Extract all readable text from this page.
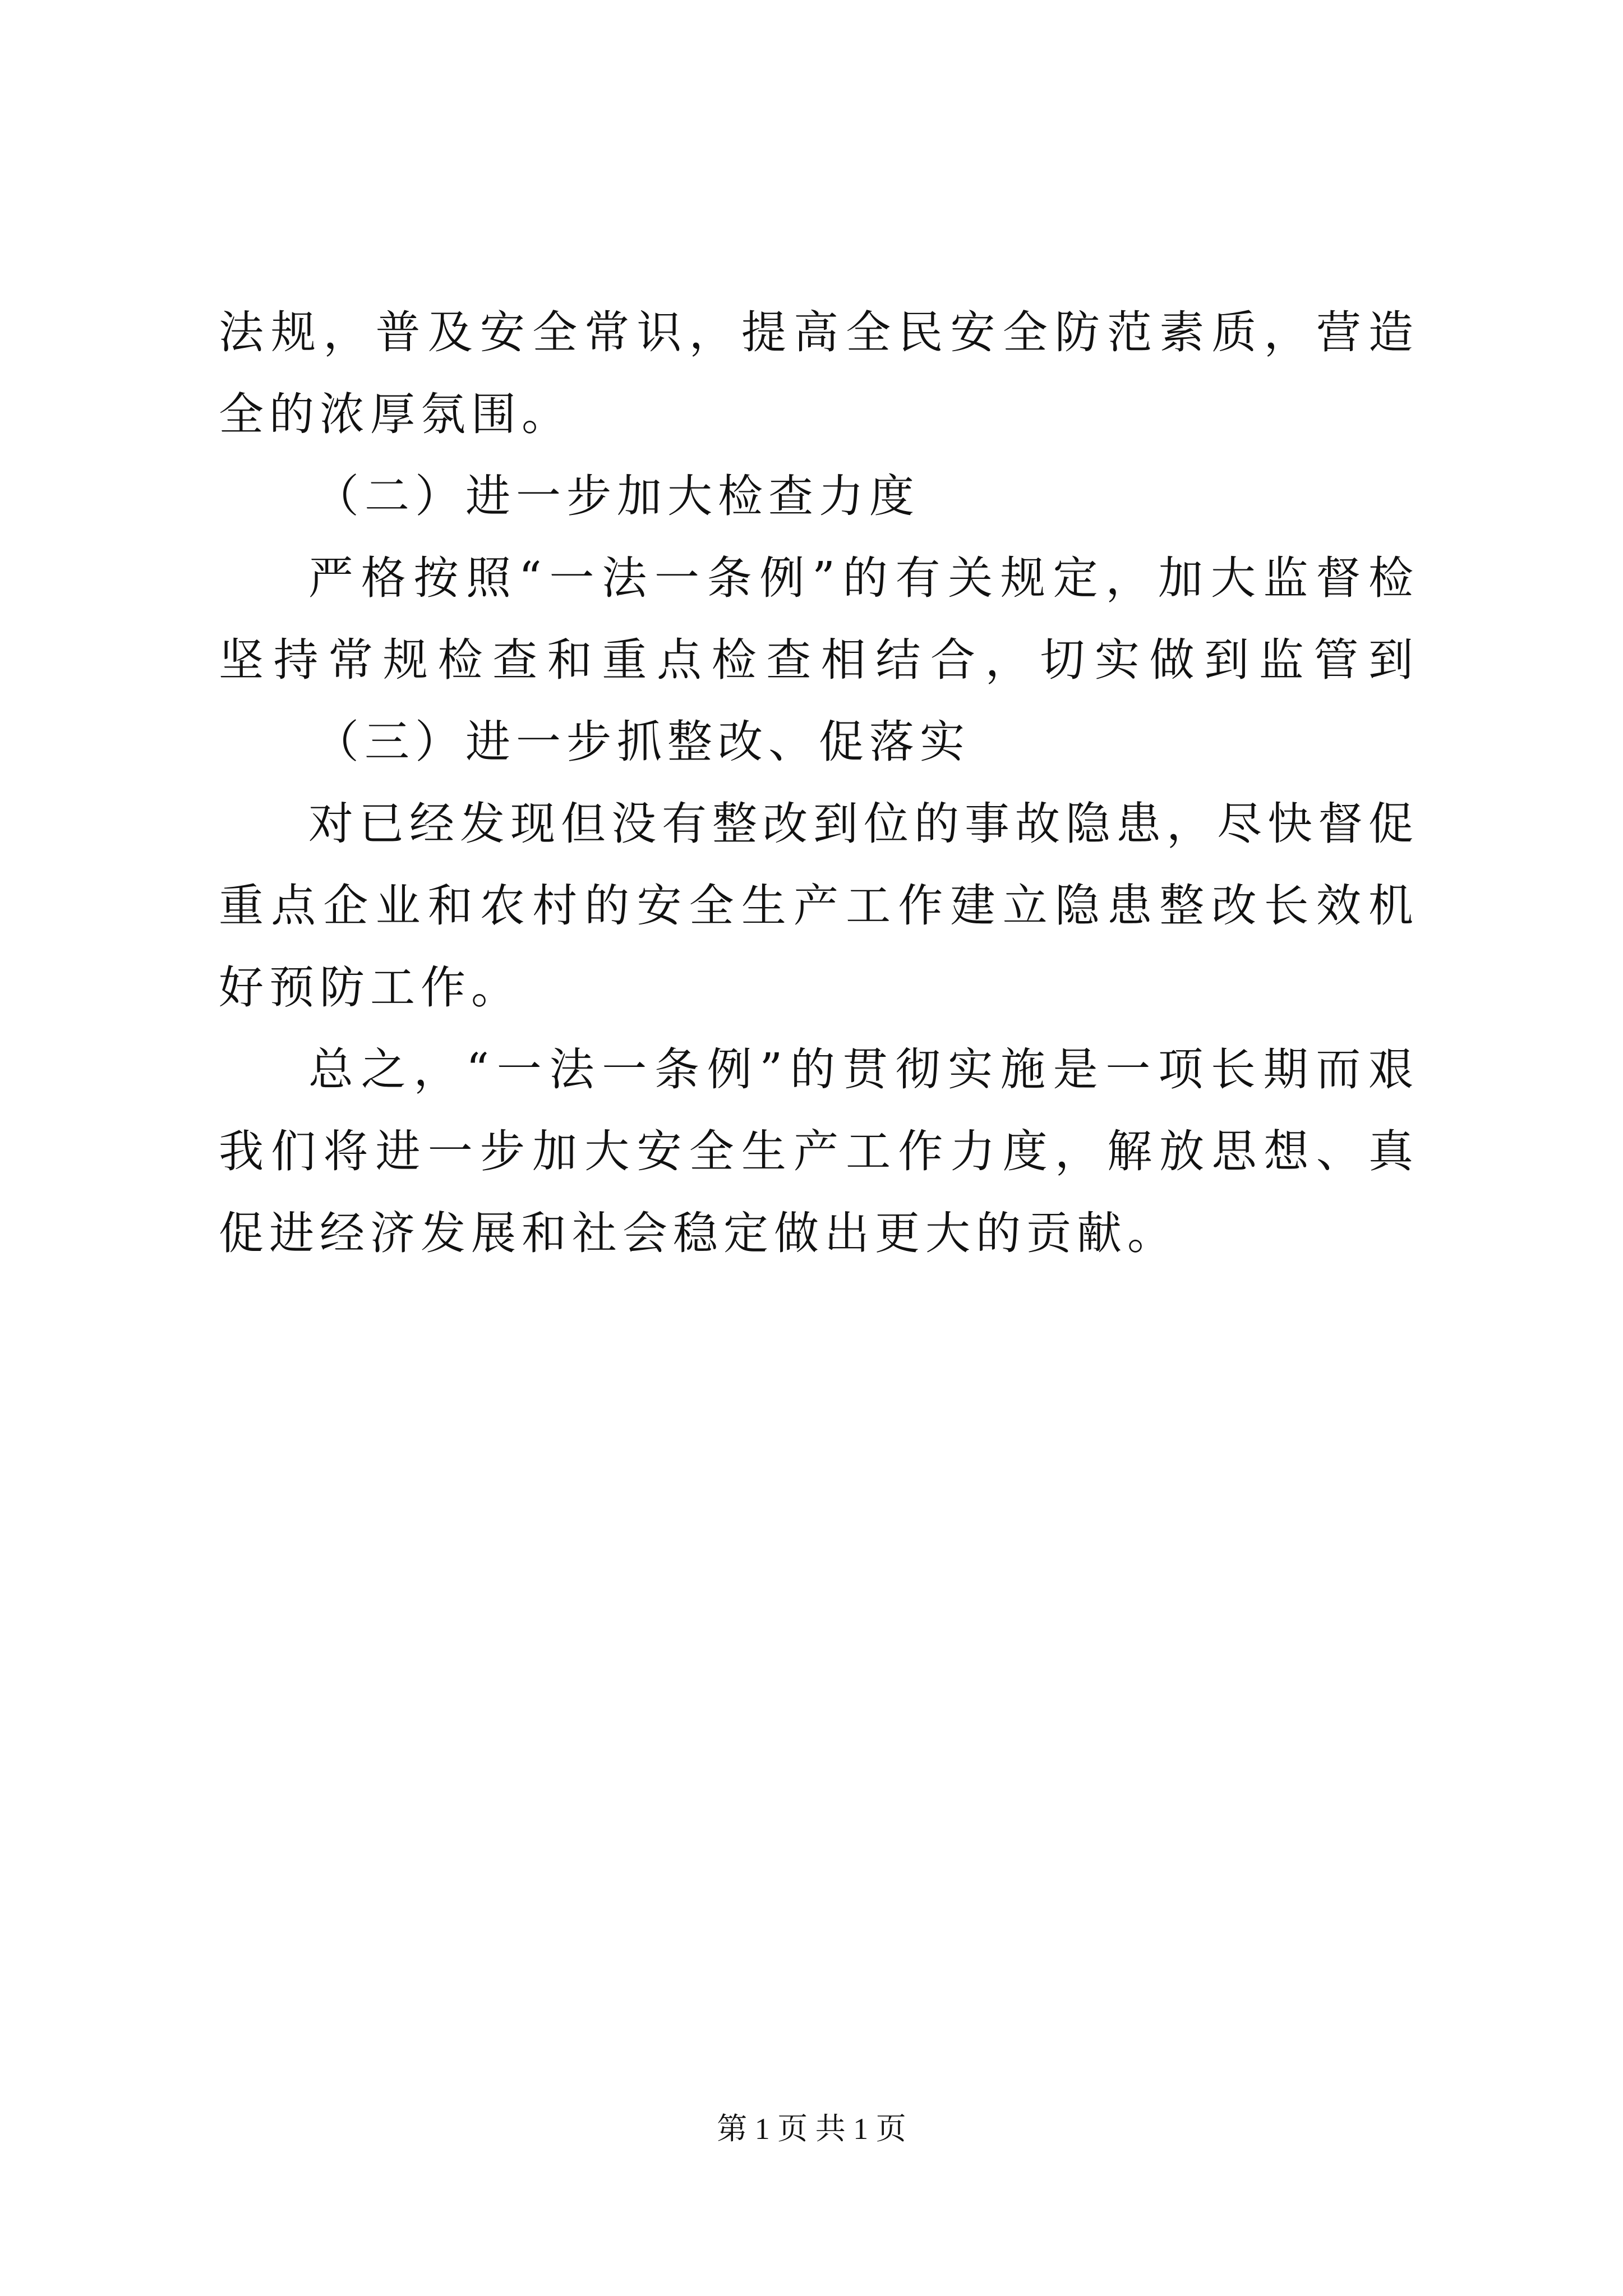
法规，普及安全常识，提高全民安全防范素质，营造
全的浓厚氛围。
（二）进一步加大检查力度
严格按照“一法一条例”的有关规定，加大监督检
坚持常规检查和重点检查相结合，切实做到监管到
（三）进一步抓整改、促落实
对已经发现但没有整改到位的事故隐患，尽快督促
重点企业和农村的安全生产工作建立隐患整改长效机
好预防工作。
总之，“一法一条例”的贯彻实施是一项长期而艰
我们将进一步加大安全生产工作力度，解放思想、真
促进经济发展和社会稳定做出更大的贡献。
第 1 页 共 1 页
